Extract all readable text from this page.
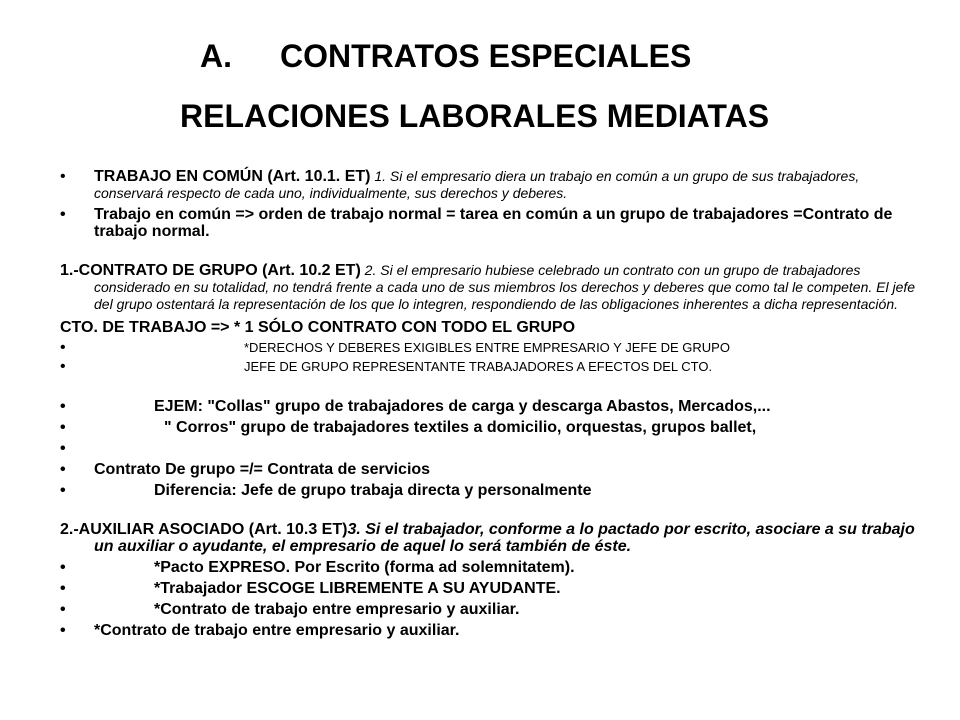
A. CONTRATOS ESPECIALES
RELACIONES LABORALES MEDIATAS
• TRABAJO EN COMÚN (Art. 10.1. ET) 1. Si el empresario diera un trabajo en común a un grupo de sus trabajadores, conservará respecto de cada uno, individualmente, sus derechos y deberes.
• Trabajo en común => orden de trabajo normal = tarea en común a un grupo de trabajadores =Contrato de trabajo normal.
1.-CONTRATO DE GRUPO (Art. 10.2 ET) 2. Si el empresario hubiese celebrado un contrato con un grupo de trabajadores considerado en su totalidad, no tendrá frente a cada uno de sus miembros los derechos y deberes que como tal le competen. El jefe del grupo ostentará la representación de los que lo integren, respondiendo de las obligaciones inherentes a dicha representación.
CTO. DE TRABAJO => * 1 SÓLO CONTRATO CON TODO EL GRUPO
•	*DERECHOS Y DEBERES EXIGIBLES ENTRE EMPRESARIO Y JEFE DE GRUPO
•	JEFE DE GRUPO REPRESENTANTE TRABAJADORES A EFECTOS DEL CTO.
•	EJEM: "Collas" grupo de trabajadores de carga y descarga Abastos, Mercados,...
•	" Corros" grupo de trabajadores textiles a domicilio, orquestas, grupos ballet,
•
• Contrato De grupo =/= Contrata de servicios
•	Diferencia: Jefe de grupo trabaja directa y personalmente
2.-AUXILIAR ASOCIADO (Art. 10.3 ET)3. Si el trabajador, conforme a lo pactado por escrito, asociare a su trabajo un auxiliar o ayudante, el empresario de aquel lo será también de éste.
•	*Pacto EXPRESO. Por Escrito (forma ad solemnitatem).
•	*Trabajador ESCOGE LIBREMENTE A SU AYUDANTE.
•	*Contrato de trabajo entre empresario y auxiliar.
• *Contrato de trabajo entre empresario y auxiliar.
